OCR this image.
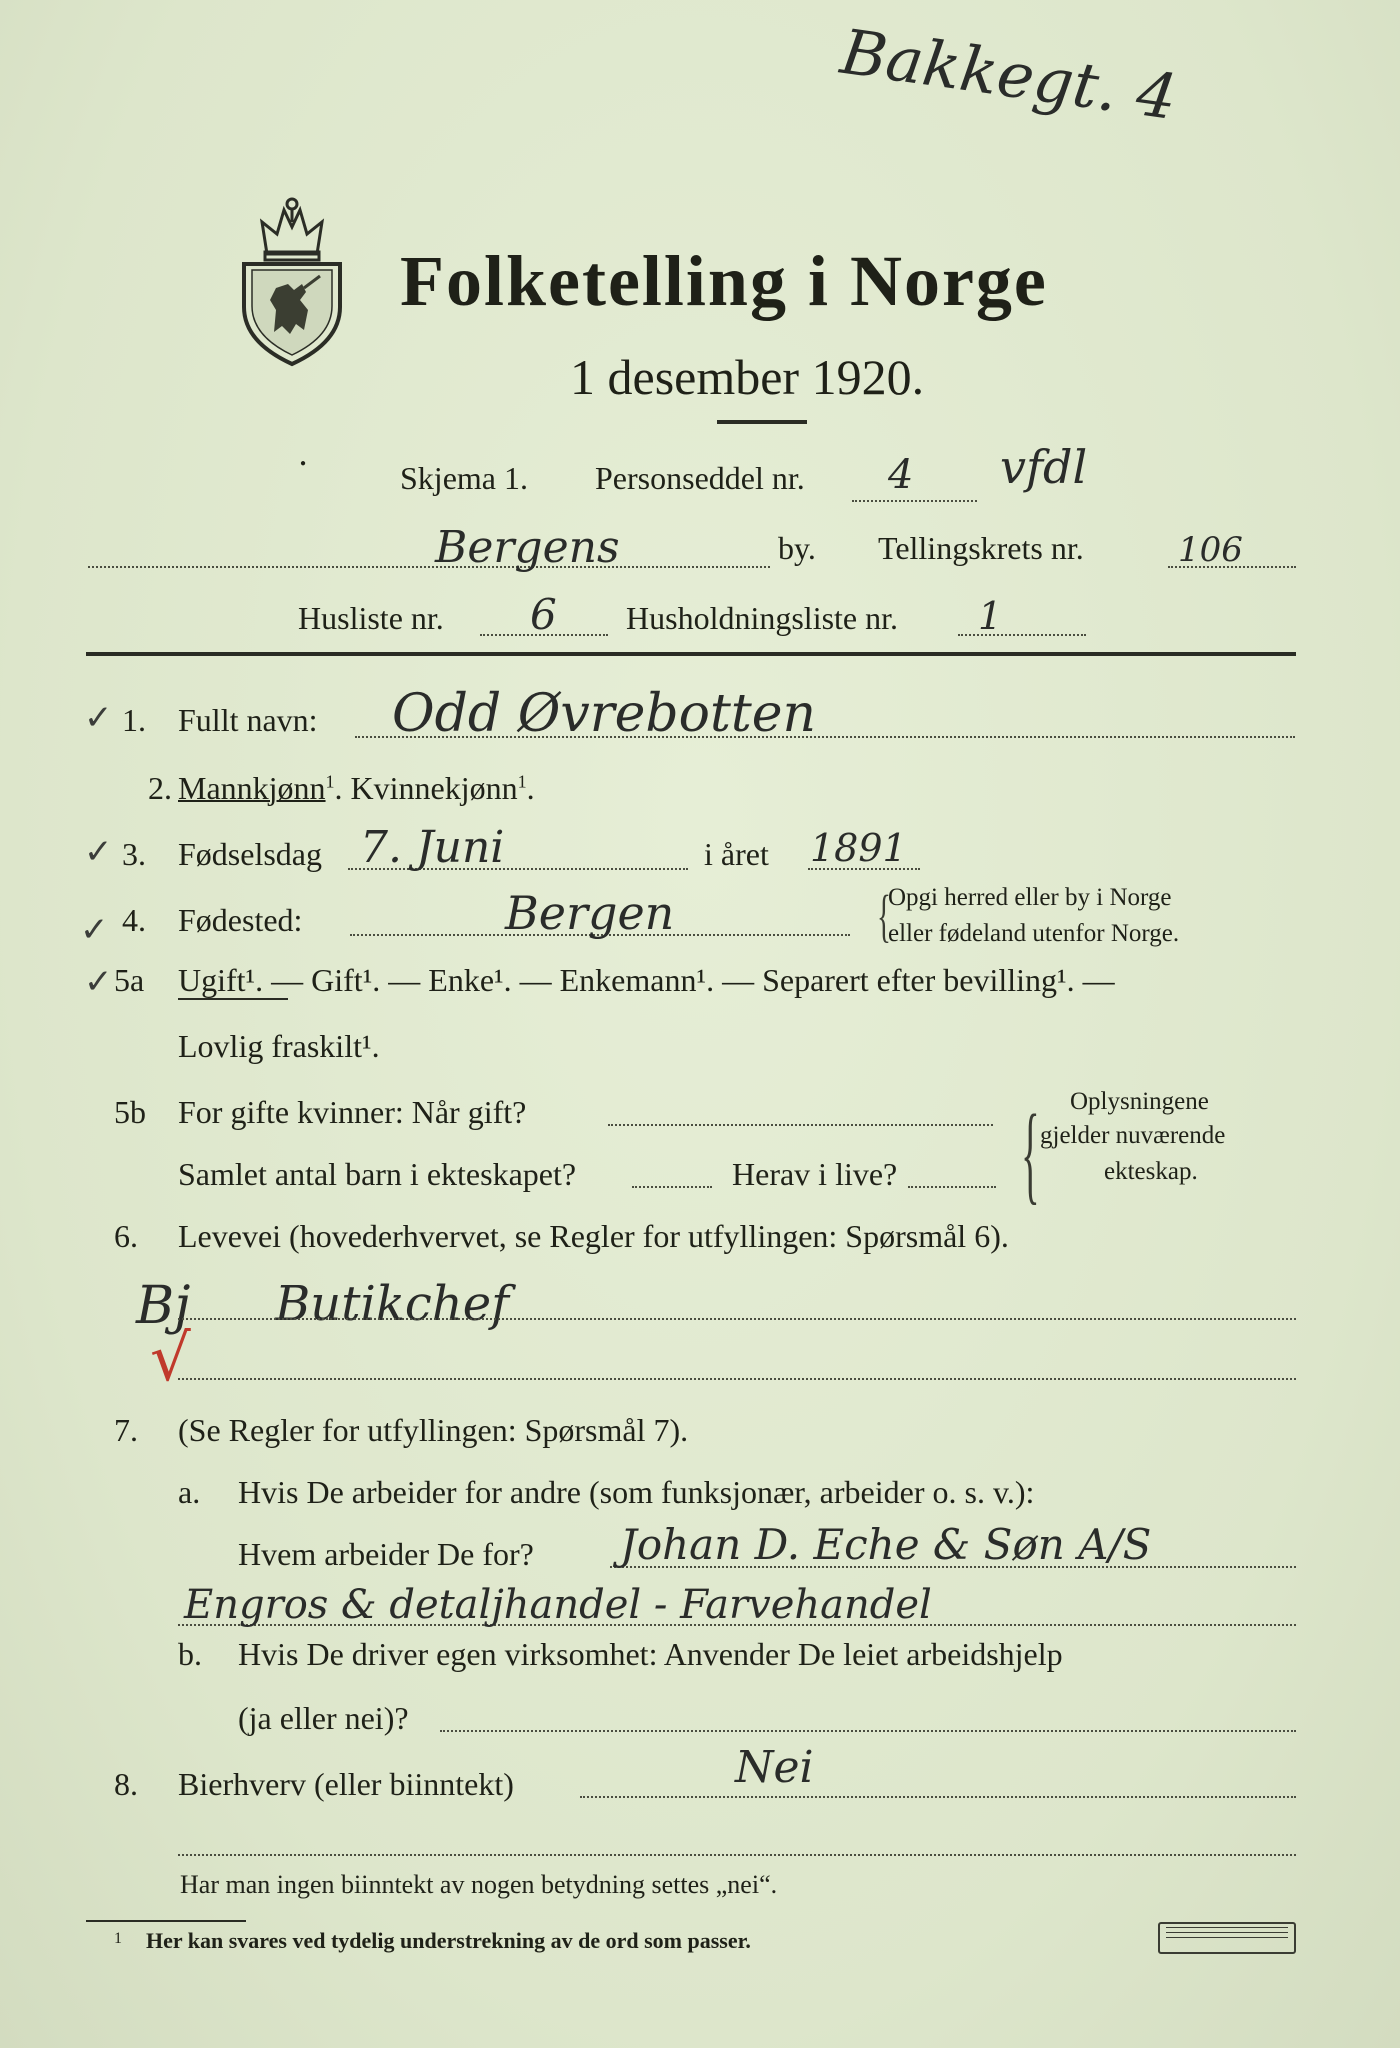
Bakkegt. 4
Folketelling i Norge
1 desember 1920.
●	Skjema 1. Personseddel nr. 4 vfdl
Bergens	by. Tellingskrets nr.	106
Husliste nr. 6 Husholdningsliste nr. 1
✓ 1. Fullt navn: Odd Øvrebotten
2. Mannkjønn$^1$. Kvinnekjønn$^1$.
✓ 3. Fødselsdag 7. Juni	i året 1891
✓ 4. Fødested:	Bergen	{
Opgi herred eller by i Norge
eller fødeland utenfor Norge.
✓ 5a Ugift¹. — Gift¹. — Enke¹. — Enkemann¹. — Separert efter bevilling¹. —
Lovlig fraskilt¹.
5b For gifte kvinner: Når gift?
Samlet antal barn i ekteskapet?	Herav i live? { Oplysningene
gjelder nuværende
ekteskap.
6. Levevei (hovederhvervet, se Regler for utfyllingen: Spørsmål 6).
Bj
√
Butikchef
7. (Se Regler for utfyllingen: Spørsmål 7).
a. Hvis De arbeider for andre (som funksjonær, arbeider o. s. v.):
Hvem arbeider De for? Johan D. Eche & Søn A/S
Engros & detaljhandel - Farvehandel
b. Hvis De driver egen virksomhet: Anvender De leiet arbeidshjelp
(ja eller nei)?
8. Bierhverv (eller biinntekt)	Nei
Har man ingen biinntekt av nogen betydning settes „nei“.
1 Her kan svares ved tydelig understrekning av de ord som passer.
